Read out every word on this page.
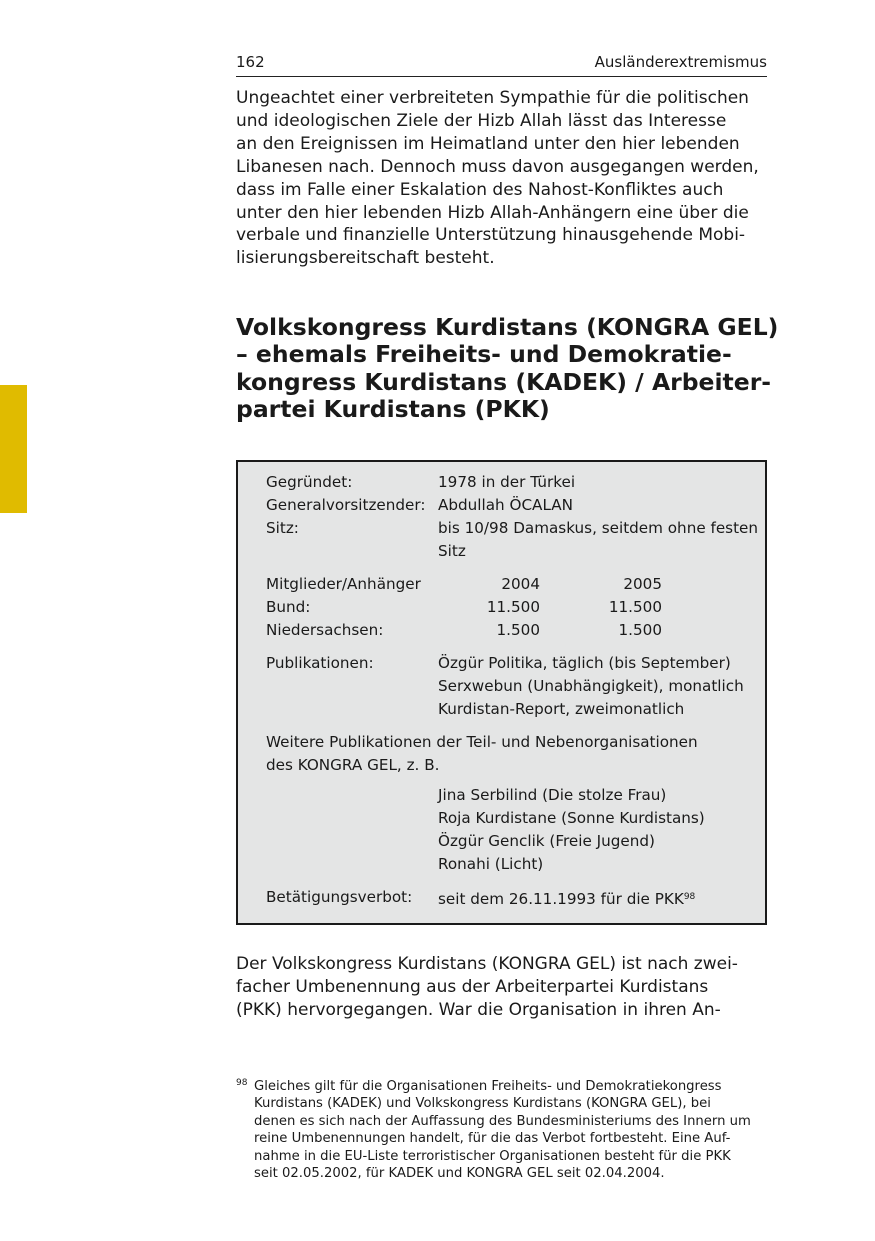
162	Ausländerextremismus
Ungeachtet einer verbreiteten Sympathie für die politischen
und ideologischen Ziele der Hizb Allah lässt das Interesse
an den Ereignissen im Heimatland unter den hier lebenden
Libanesen nach. Dennoch muss davon ausgegangen werden,
dass im Falle einer Eskalation des Nahost-Konfliktes auch
unter den hier lebenden Hizb Allah-Anhängern eine über die
verbale und finanzielle Unterstützung hinausgehende Mobi-
lisierungsbereitschaft besteht.
Volkskongress Kurdistans (KONGRA GEL)
– ehemals Freiheits- und Demokratie-
kongress Kurdistans (KADEK) / Arbeiter-
partei Kurdistans (PKK)
Gegründet:	1978 in der Türkei
Generalvorsitzender: Abdullah ÖCALAN
Sitz:	bis 10/98 Damaskus, seitdem ohne festen
Sitz
Mitglieder/Anhänger	2004	2005
Bund:	11.500	11.500
Niedersachsen:	1.500	1.500
Publikationen:	Özgür Politika, täglich (bis September)
Serxwebun (Unabhängigkeit), monatlich
Kurdistan-Report, zweimonatlich
Weitere Publikationen der Teil- und Nebenorganisationen
des KONGRA GEL, z. B.
Jina Serbilind (Die stolze Frau)
Roja Kurdistane (Sonne Kurdistans)
Özgür Genclik (Freie Jugend)
Ronahi (Licht)
Betätigungsverbot: seit dem 26.11.1993 für die PKK$^{98}$
Der Volkskongress Kurdistans (KONGRA GEL) ist nach zwei-
facher Umbenennung aus der Arbeiterpartei Kurdistans
(PKK) hervorgegangen. War die Organisation in ihren An-
98 Gleiches gilt für die Organisationen Freiheits- und Demokratiekongress
Kurdistans (KADEK) und Volkskongress Kurdistans (KONGRA GEL), bei
denen es sich nach der Auffassung des Bundesministeriums des Innern um
reine Umbenennungen handelt, für die das Verbot fortbesteht. Eine Auf-
nahme in die EU-Liste terroristischer Organisationen besteht für die PKK
seit 02.05.2002, für KADEK und KONGRA GEL seit 02.04.2004.
